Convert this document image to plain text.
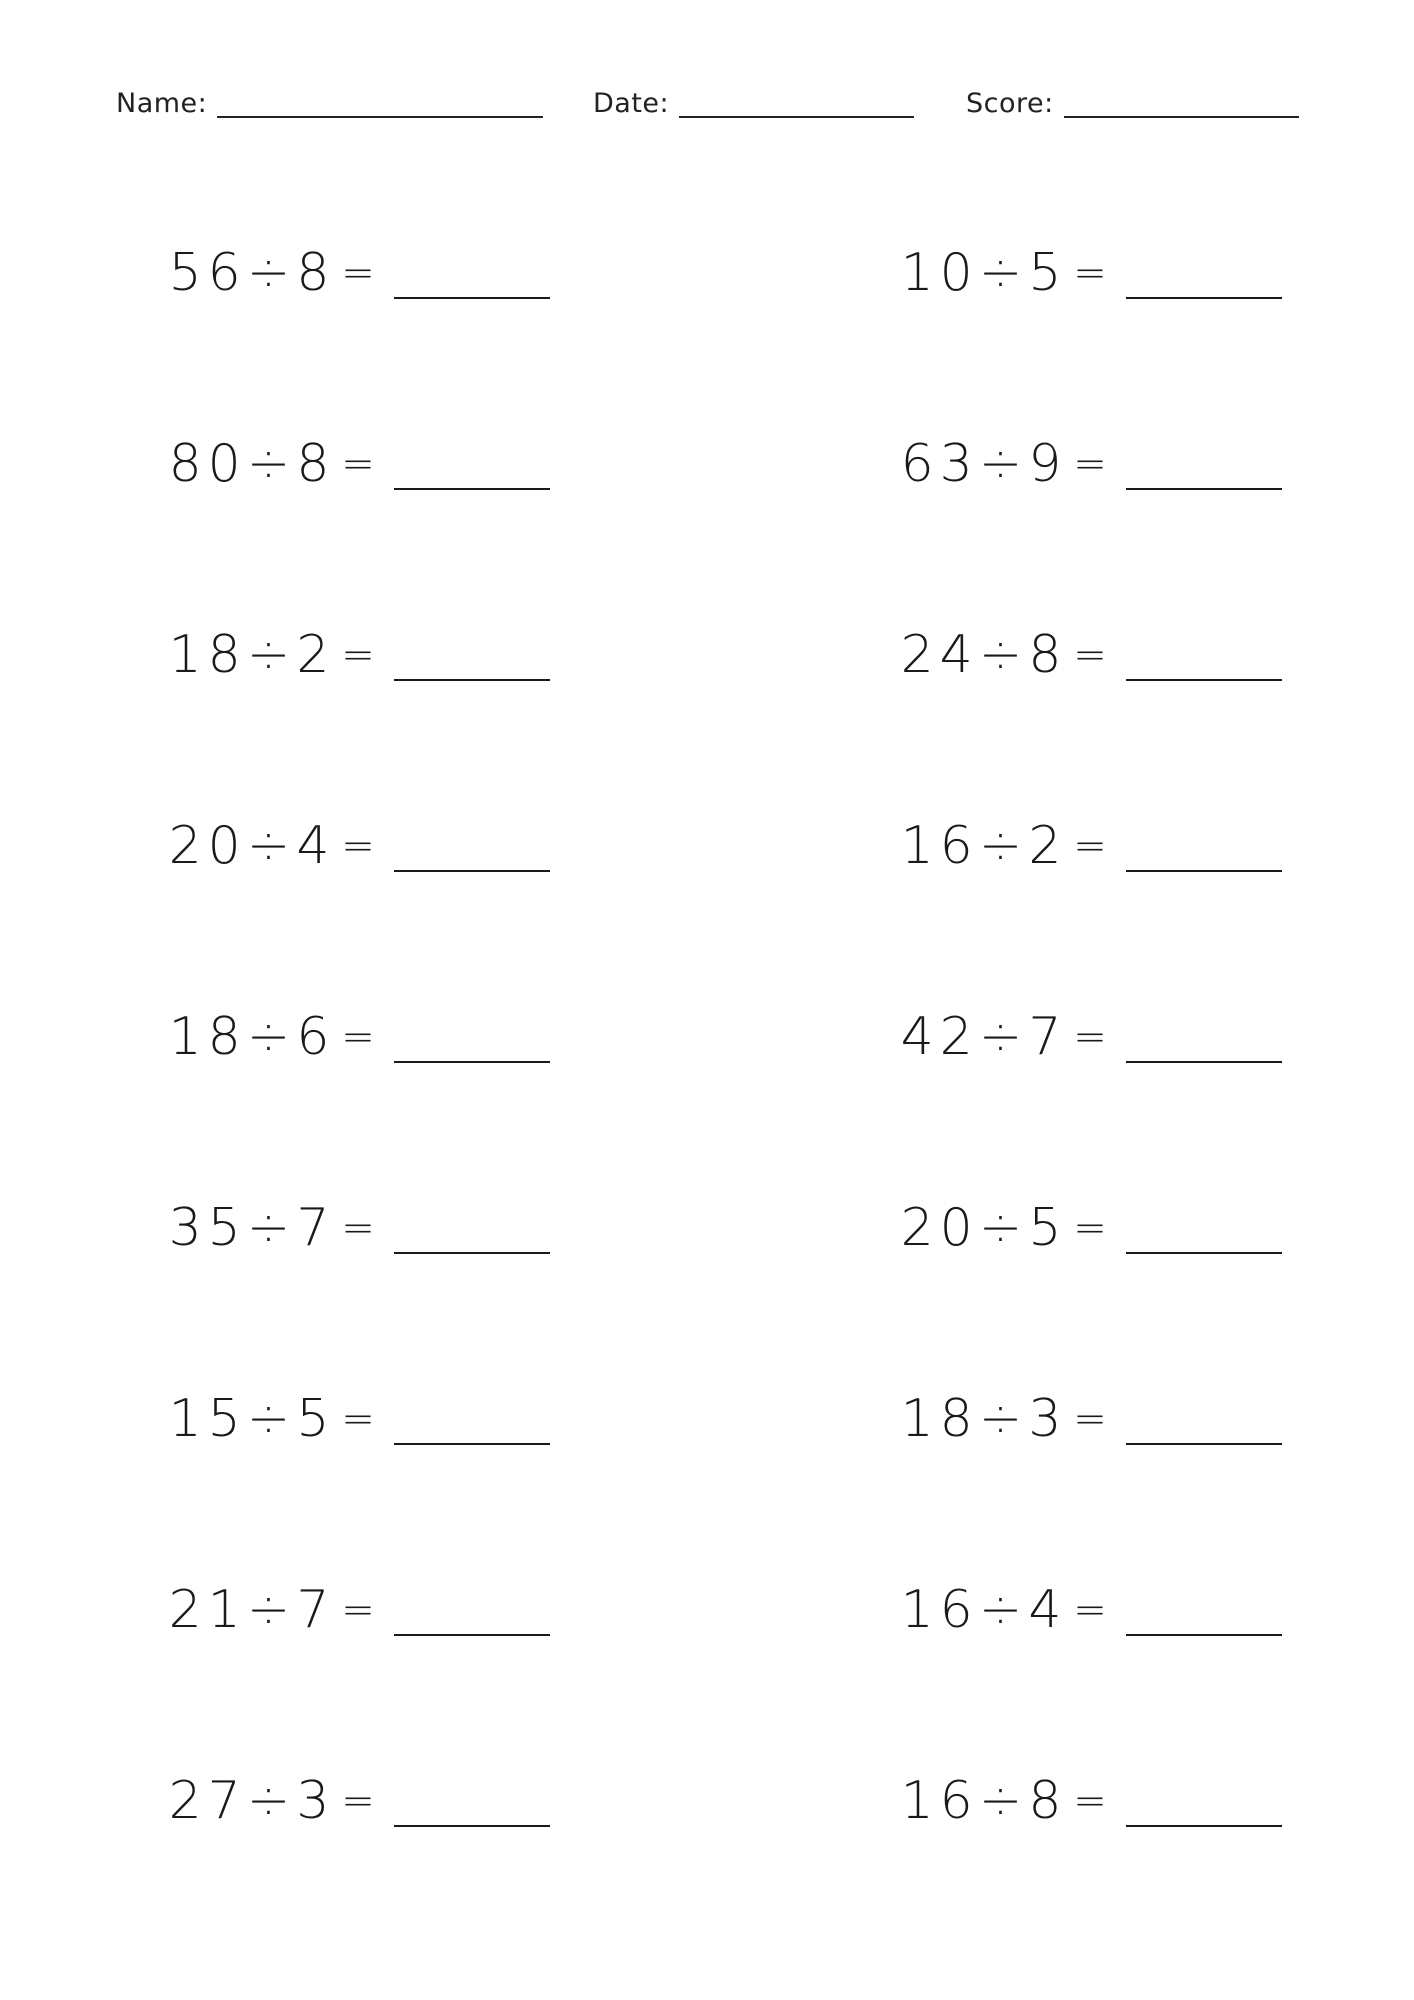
Name:	Date:	Score:
56÷8 =
80÷8 =
18÷2 =
20÷4 =
18÷6 =
35÷7 =
15÷5 =
21÷7 =
27÷3 =
10÷5 =
63÷9 =
24÷8 =
16÷2 =
42÷7 =
20÷5 =
18÷3 =
16÷4 =
16÷8 =
